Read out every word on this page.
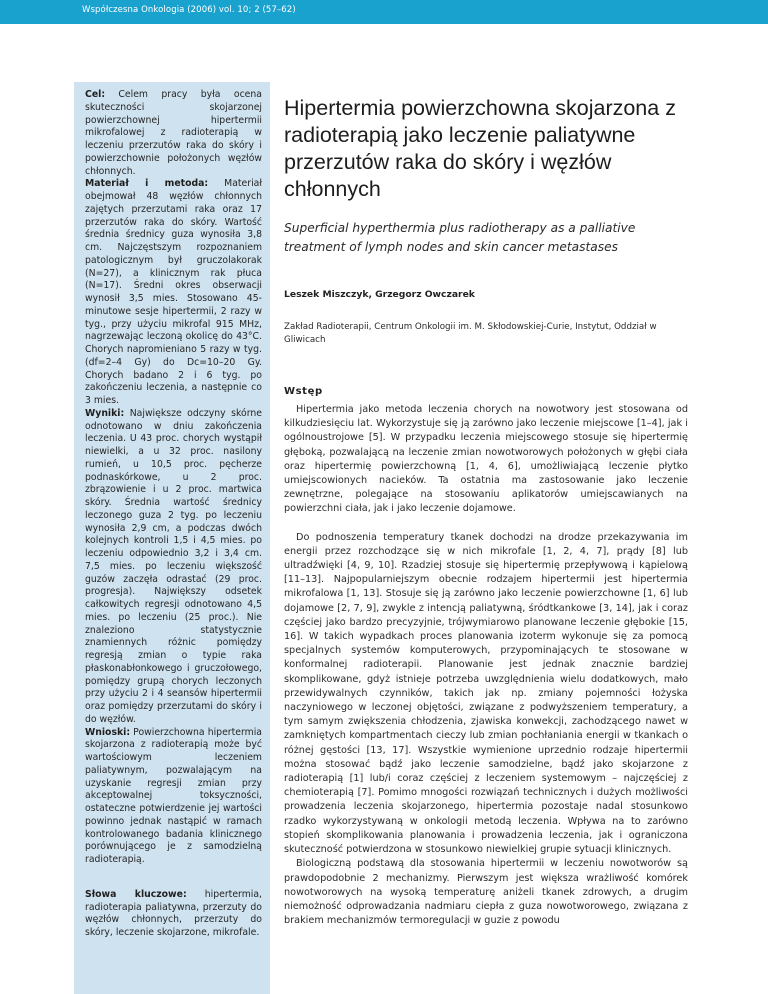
Współczesna Onkologia (2006) vol. 10; 2 (57–62)

Cel: Celem pracy była ocena skuteczności skojarzonej powierzchownej hipertermii mikrofalowej z radioterapią w leczeniu przerzutów raka do skóry i powierzchownie położonych węzłów chłonnych.
Materiał i metoda: Materiał obejmował 48 węzłów chłonnych zajętych przerzutami raka oraz 17 przerzutów raka do skóry. Wartość średnia średnicy guza wynosiła 3,8 cm. Najczęstszym rozpoznaniem patologicznym był gruczolakorak (N=27), a klinicznym rak płuca (N=17). Średni okres obserwacji wynosił 3,5 mies. Stosowano 45-minutowe sesje hipertermii, 2 razy w tyg., przy użyciu mikrofal 915 MHz, nagrzewając leczoną okolicę do 43°C. Chorych napromieniano 5 razy w tyg. (df=2–4 Gy) do Dc=10–20 Gy. Chorych badano 2 i 6 tyg. po zakończeniu leczenia, a następnie co 3 mies.
Wyniki: Największe odczyny skórne odnotowano w dniu zakończenia leczenia. U 43 proc. chorych wystąpił niewielki, a u 32 proc. nasilony rumień, u 10,5 proc. pęcherze podnaskórkowe, u 2 proc. zbrązowienie i u 2 proc. martwica skóry. Średnia wartość średnicy leczonego guza 2 tyg. po leczeniu wynosiła 2,9 cm, a podczas dwóch kolejnych kontroli 1,5 i 4,5 mies. po leczeniu odpowiednio 3,2 i 3,4 cm. 7,5 mies. po leczeniu większość guzów zaczęła odrastać (29 proc. progresja). Największy odsetek całkowitych regresji odnotowano 4,5 mies. po leczeniu (25 proc.). Nie znaleziono statystycznie znamiennych różnic pomiędzy regresją zmian o typie raka płaskonabłonkowego i gruczołowego, pomiędzy grupą chorych leczonych przy użyciu 2 i 4 seansów hipertermii oraz pomiędzy przerzutami do skóry i do węzłów.
Wnioski: Powierzchowna hipertermia skojarzona z radioterapią może być wartościowym leczeniem paliatywnym, pozwalającym na uzyskanie regresji zmian przy akceptowalnej toksyczności, ostateczne potwierdzenie jej wartości powinno jednak nastąpić w ramach kontrolowanego badania klinicznego porównującego je z samodzielną radioterapią.

Słowa kluczowe: hipertermia, radioterapia paliatywna, przerzuty do węzłów chłonnych, przerzuty do skóry, leczenie skojarzone, mikrofale.

Hipertermia powierzchowna skojarzona z radioterapią jako leczenie paliatywne przerzutów raka do skóry i węzłów chłonnych

Superficial hyperthermia plus radiotherapy as a palliative treatment of lymph nodes and skin cancer metastases

Leszek Miszczyk, Grzegorz Owczarek

Zakład Radioterapii, Centrum Onkologii im. M. Skłodowskiej-Curie, Instytut, Oddział w Gliwicach

Wstęp

Hipertermia jako metoda leczenia chorych na nowotwory jest stosowana od kilkudziesięciu lat. Wykorzystuje się ją zarówno jako leczenie miejscowe [1–4], jak i ogólnoustrojowe [5]. W przypadku leczenia miejscowego stosuje się hipertermię głęboką, pozwalającą na leczenie zmian nowotworowych położonych w głębi ciała oraz hipertermię powierzchowną [1, 4, 6], umożliwiającą leczenie płytko umiejscowionych nacieków. Ta ostatnia ma zastosowanie jako leczenie zewnętrzne, polegające na stosowaniu aplikatorów umiejscawianych na powierzchni ciała, jak i jako leczenie dojamowe.

Do podnoszenia temperatury tkanek dochodzi na drodze przekazywania im energii przez rozchodzące się w nich mikrofale [1, 2, 4, 7], prądy [8] lub ultradźwięki [4, 9, 10]. Rzadziej stosuje się hipertermię przepływową i kąpielową [11–13]. Najpopularniejszym obecnie rodzajem hipertermii jest hipertermia mikrofalowa [1, 13]. Stosuje się ją zarówno jako leczenie powierzchowne [1, 6] lub dojamowe [2, 7, 9], zwykle z intencją paliatywną, śródtkankowe [3, 14], jak i coraz częściej jako bardzo precyzyjnie, trójwymiarowo planowane leczenie głębokie [15, 16]. W takich wypadkach proces planowania izoterm wykonuje się za pomocą specjalnych systemów komputerowych, przypominających te stosowane w konformalnej radioterapii. Planowanie jest jednak znacznie bardziej skomplikowane, gdyż istnieje potrzeba uwzględnienia wielu dodatkowych, mało przewidywalnych czynników, takich jak np. zmiany pojemności łożyska naczyniowego w leczonej objętości, związane z podwyższeniem temperatury, a tym samym zwiększenia chłodzenia, zjawiska konwekcji, zachodzącego nawet w zamkniętych kompartmentach cieczy lub zmian pochłaniania energii w tkankach o różnej gęstości [13, 17]. Wszystkie wymienione uprzednio rodzaje hipertermii można stosować bądź jako leczenie samodzielne, bądź jako skojarzone z radioterapią [1] lub/i coraz częściej z leczeniem systemowym – najczęściej z chemioterapią [7]. Pomimo mnogości rozwiązań technicznych i dużych możliwości prowadzenia leczenia skojarzonego, hipertermia pozostaje nadal stosunkowo rzadko wykorzystywaną w onkologii metodą leczenia. Wpływa na to zarówno stopień skomplikowania planowania i prowadzenia leczenia, jak i ograniczona skuteczność potwierdzona w stosunkowo niewielkiej grupie sytuacji klinicznych.

Biologiczną podstawą dla stosowania hipertermii w leczeniu nowotworów są prawdopodobnie 2 mechanizmy. Pierwszym jest większa wrażliwość komórek nowotworowych na wysoką temperaturę aniżeli tkanek zdrowych, a drugim niemożność odprowadzania nadmiaru ciepła z guza nowotworowego, związana z brakiem mechanizmów termoregulacji w guzie z powodu
